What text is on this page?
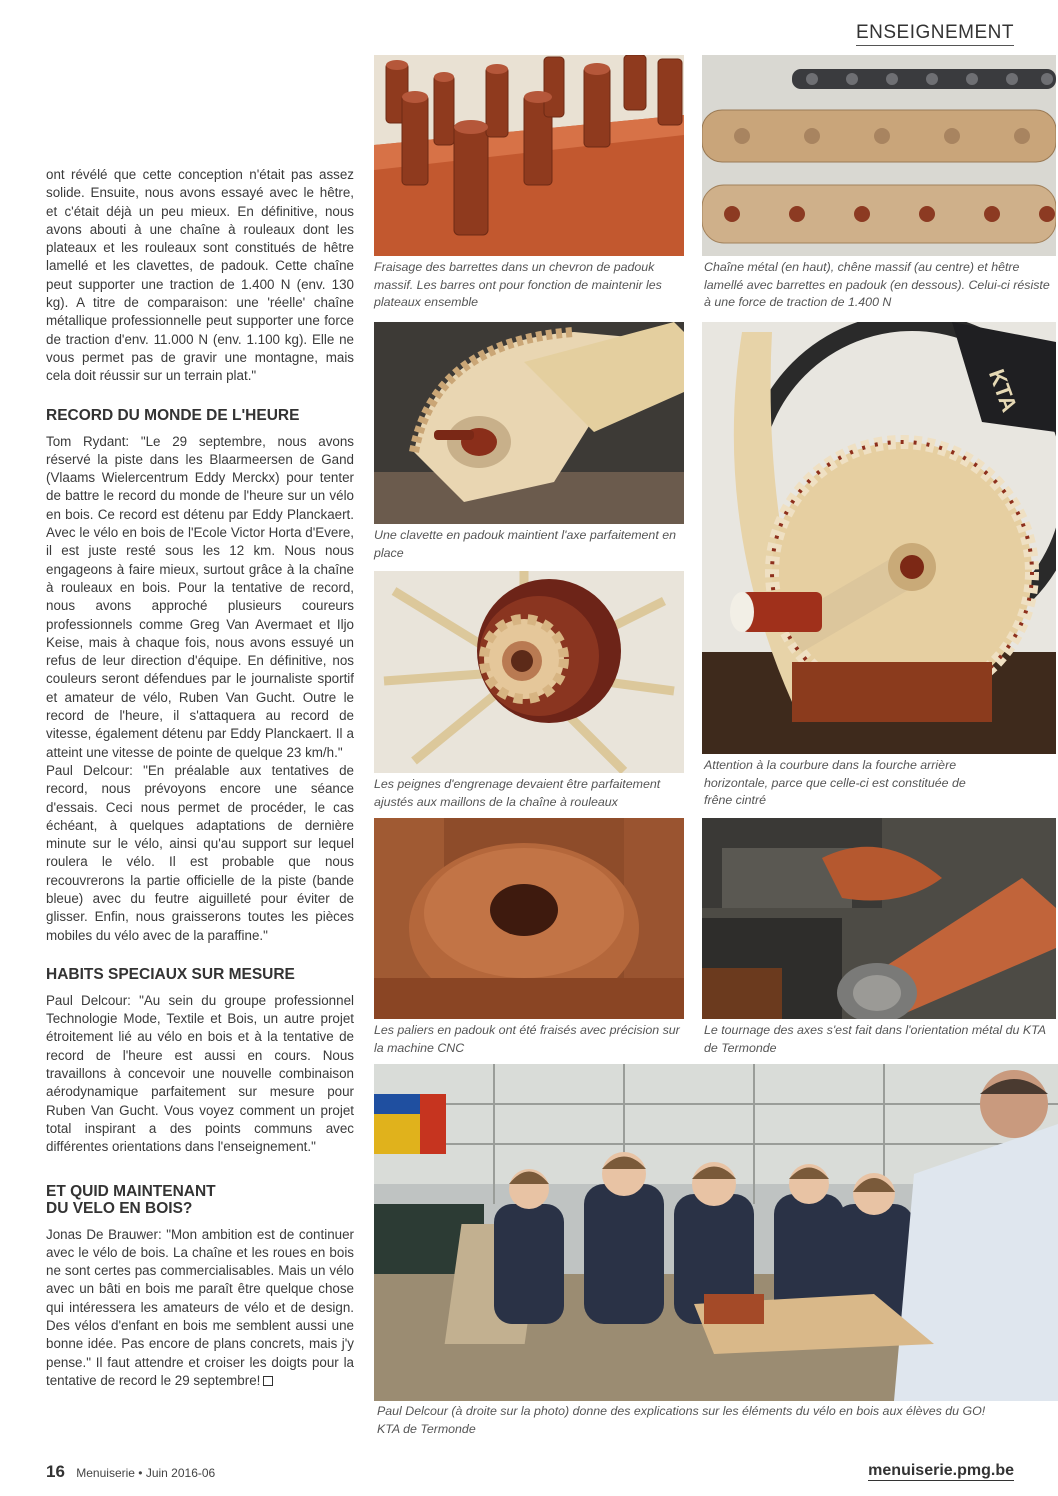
ENSEIGNEMENT

ont révélé que cette conception n'était pas assez solide. Ensuite, nous avons essayé avec le hêtre, et c'était déjà un peu mieux. En définitive, nous avons abouti à une chaîne à rouleaux dont les plateaux et les rouleaux sont constitués de hêtre lamellé et les clavettes, de padouk. Cette chaîne peut supporter une traction de 1.400 N (env. 130 kg). A titre de comparaison: une 'réelle' chaîne métallique professionnelle peut supporter une force de traction d'env. 11.000 N (env. 1.100 kg). Elle ne vous permet pas de gravir une montagne, mais cela doit réussir sur un terrain plat."

RECORD DU MONDE DE L'HEURE

Tom Rydant: "Le 29 septembre, nous avons réservé la piste dans les Blaarmeersen de Gand (Vlaams Wielercentrum Eddy Merckx) pour tenter de battre le record du monde de l'heure sur un vélo en bois. Ce record est détenu par Eddy Planckaert. Avec le vélo en bois de l'Ecole Victor Horta d'Evere, il est juste resté sous les 12 km. Nous nous engageons à faire mieux, surtout grâce à la chaîne à rouleaux en bois. Pour la tentative de record, nous avons approché plusieurs coureurs professionnels comme Greg Van Avermaet et Iljo Keise, mais à chaque fois, nous avons essuyé un refus de leur direction d'équipe. En définitive, nos couleurs seront défendues par le journaliste sportif et amateur de vélo, Ruben Van Gucht. Outre le record de l'heure, il s'attaquera au record de vitesse, également détenu par Eddy Planckaert. Il a atteint une vitesse de pointe de quelque 23 km/h."

Paul Delcour: "En préalable aux tentatives de record, nous prévoyons encore une séance d'essais. Ceci nous permet de procéder, le cas échéant, à quelques adaptations de dernière minute sur le vélo, ainsi qu'au support sur lequel roulera le vélo. Il est probable que nous recouvrerons la partie officielle de la piste (bande bleue) avec du feutre aiguilleté pour éviter de glisser. Enfin, nous graisserons toutes les pièces mobiles du vélo avec de la paraffine."

HABITS SPECIAUX SUR MESURE

Paul Delcour: "Au sein du groupe professionnel Technologie Mode, Textile et Bois, un autre projet étroitement lié au vélo en bois et à la tentative de record de l'heure est aussi en cours. Nous travaillons à concevoir une nouvelle combinaison aérodynamique parfaitement sur mesure pour Ruben Van Gucht. Vous voyez comment un projet total inspirant a des points communs avec différentes orientations dans l'enseignement."

ET QUID MAINTENANT
DU VELO EN BOIS?

Jonas De Brauwer: "Mon ambition est de continuer avec le vélo de bois. La chaîne et les roues en bois ne sont certes pas commercialisables. Mais un vélo avec un bâti en bois me paraît être quelque chose qui intéressera les amateurs de vélo et de design. Des vélos d'enfant en bois me semblent aussi une bonne idée. Pas encore de plans concrets, mais j'y pense." Il faut attendre et croiser les doigts pour la tentative de record le 29 septembre!

Fraisage des barrettes dans un chevron de padouk massif. Les barres ont pour fonction de maintenir les plateaux ensemble
Chaîne métal (en haut), chêne massif (au centre) et hêtre lamellé avec barrettes en padouk (en dessous). Celui-ci résiste à une force de traction de 1.400 N
Une clavette en padouk maintient l'axe parfaitement en place
KTA
Attention à la courbure dans la fourche arrière horizontale, parce que celle-ci est constituée de frêne cintré
Les peignes d'engrenage devaient être parfaitement ajustés aux maillons de la chaîne à rouleaux
Les paliers en padouk ont été fraisés avec précision sur la machine CNC
Le tournage des axes s'est fait dans l'orientation métal du KTA de Termonde
Paul Delcour (à droite sur la photo) donne des explications sur les éléments du vélo en bois aux élèves du GO! KTA de Termonde
16 Menuiserie • Juin 2016-06	menuiserie.pmg.be
